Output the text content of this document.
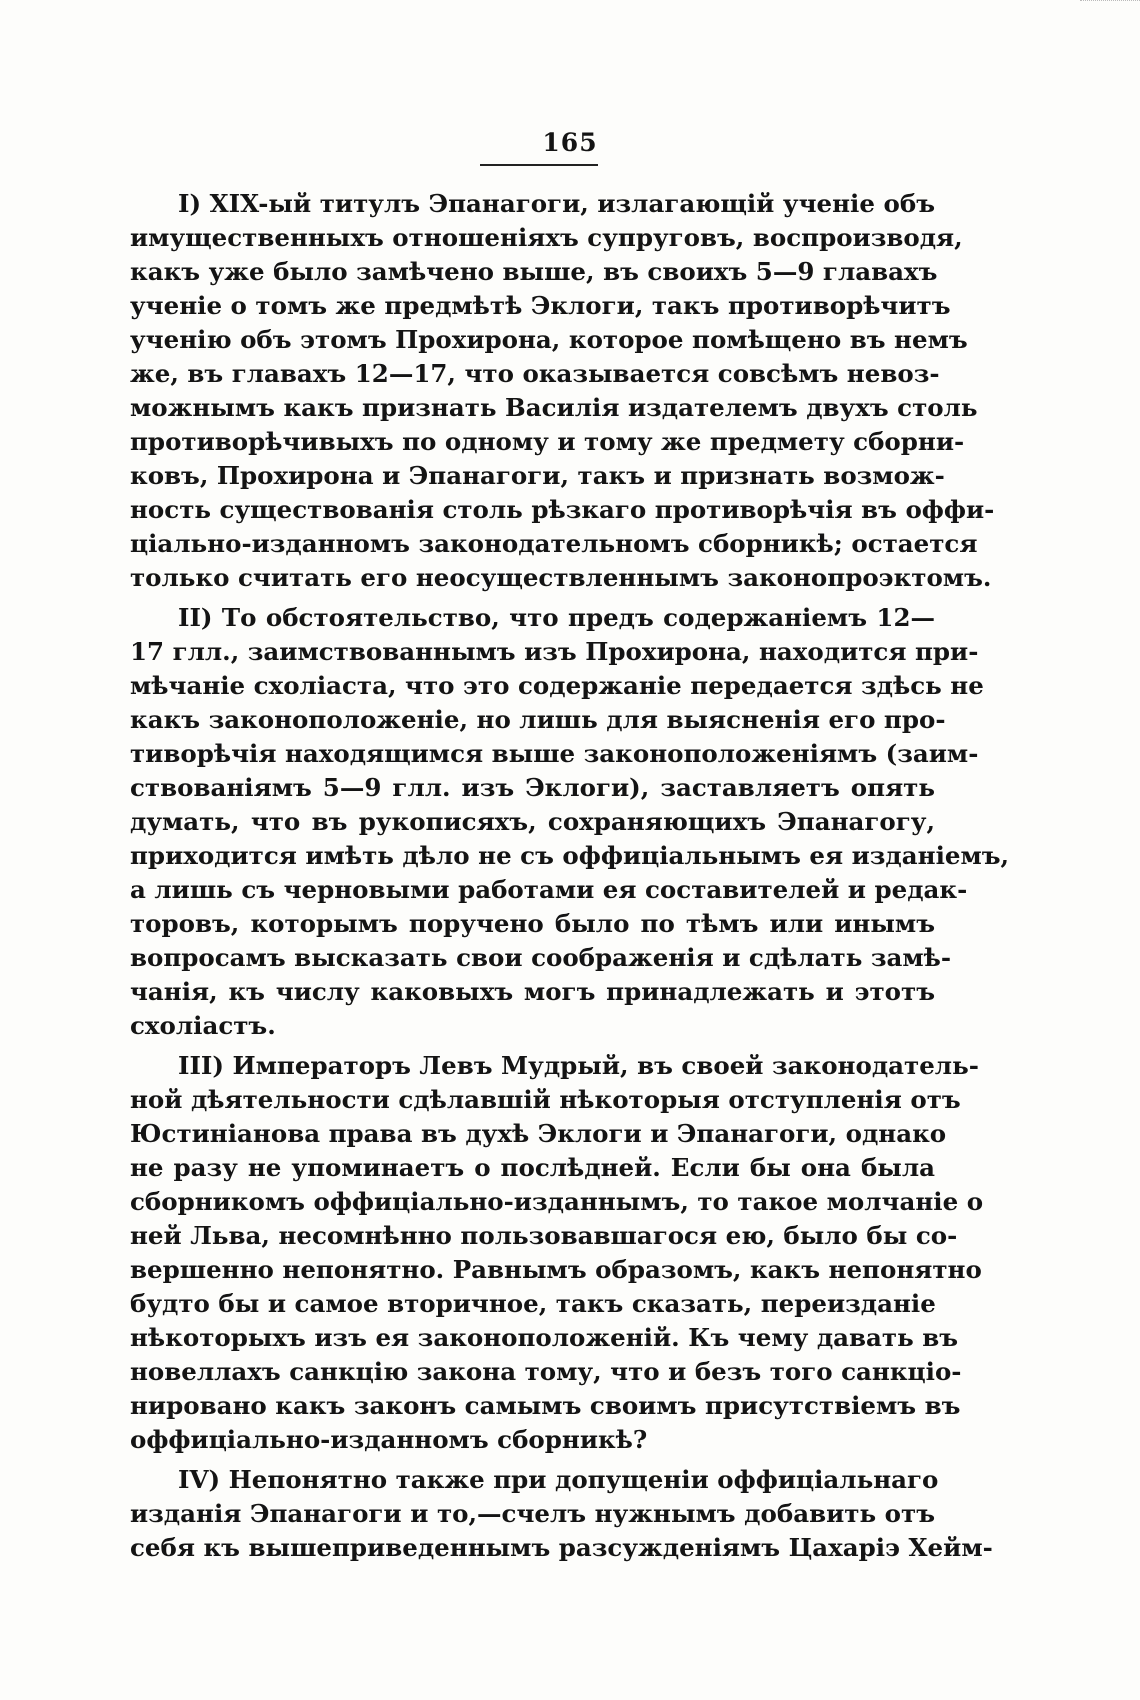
165
I) XIX-ый титулъ Эпанагоги, излагающій ученіе объ
имущественныхъ отношеніяхъ супруговъ, воспроизводя,
какъ уже было замѣчено выше, въ своихъ 5—9 главахъ
ученіе о томъ же предмѣтѣ Эклоги, такъ противорѣчитъ
ученію объ этомъ Прохирона, которое помѣщено въ немъ
же, въ главахъ 12—17, что оказывается совсѣмъ невоз-
можнымъ какъ признать Василія издателемъ двухъ столь
противорѣчивыхъ по одному и тому же предмету сборни-
ковъ, Прохирона и Эпанагоги, такъ и признать возмож-
ность существованія столь рѣзкаго противорѣчія въ оффи-
ціально-изданномъ законодательномъ сборникѣ; остается
только считать его неосуществленнымъ законопроэктомъ.
II) То обстоятельство, что предъ содержаніемъ 12—
17 глл., заимствованнымъ изъ Прохирона, находится при-
мѣчаніе схоліаста, что это содержаніе передается здѣсь не
какъ законоположеніе, но лишь для выясненія его про-
тиворѣчія находящимся выше законоположеніямъ (заим-
ствованіямъ 5—9 глл. изъ Эклоги), заставляетъ опять
думать, что въ рукописяхъ, сохраняющихъ Эпанагогу,
приходится имѣть дѣло не съ оффиціальнымъ ея изданіемъ,
а лишь съ черновыми работами ея составителей и редак-
торовъ, которымъ поручено было по тѣмъ или инымъ
вопросамъ высказать свои соображенія и сдѣлать замѣ-
чанія, къ числу каковыхъ могъ принадлежать и этотъ
схоліастъ.
III) Императоръ Левъ Мудрый, въ своей законодатель-
ной дѣятельности сдѣлавшій нѣкоторыя отступленія отъ
Юстиніанова права въ духѣ Эклоги и Эпанагоги, однако
не разу не упоминаетъ о послѣдней. Если бы она была
сборникомъ оффиціально-изданнымъ, то такое молчаніе о
ней Льва, несомнѣнно пользовавшагося ею, было бы со-
вершенно непонятно. Равнымъ образомъ, какъ непонятно
будто бы и самое вторичное, такъ сказать, переизданіе
нѣкоторыхъ изъ ея законоположеній. Къ чему давать въ
новеллахъ санкцію закона тому, что и безъ того санкціо-
нировано какъ законъ самымъ своимъ присутствіемъ въ
оффиціально-изданномъ сборникѣ?
IV) Непонятно также при допущеніи оффиціальнаго
изданія Эпанагоги и то,—счелъ нужнымъ добавить отъ
себя къ вышеприведеннымъ разсужденіямъ Цахаріэ Хейм-
